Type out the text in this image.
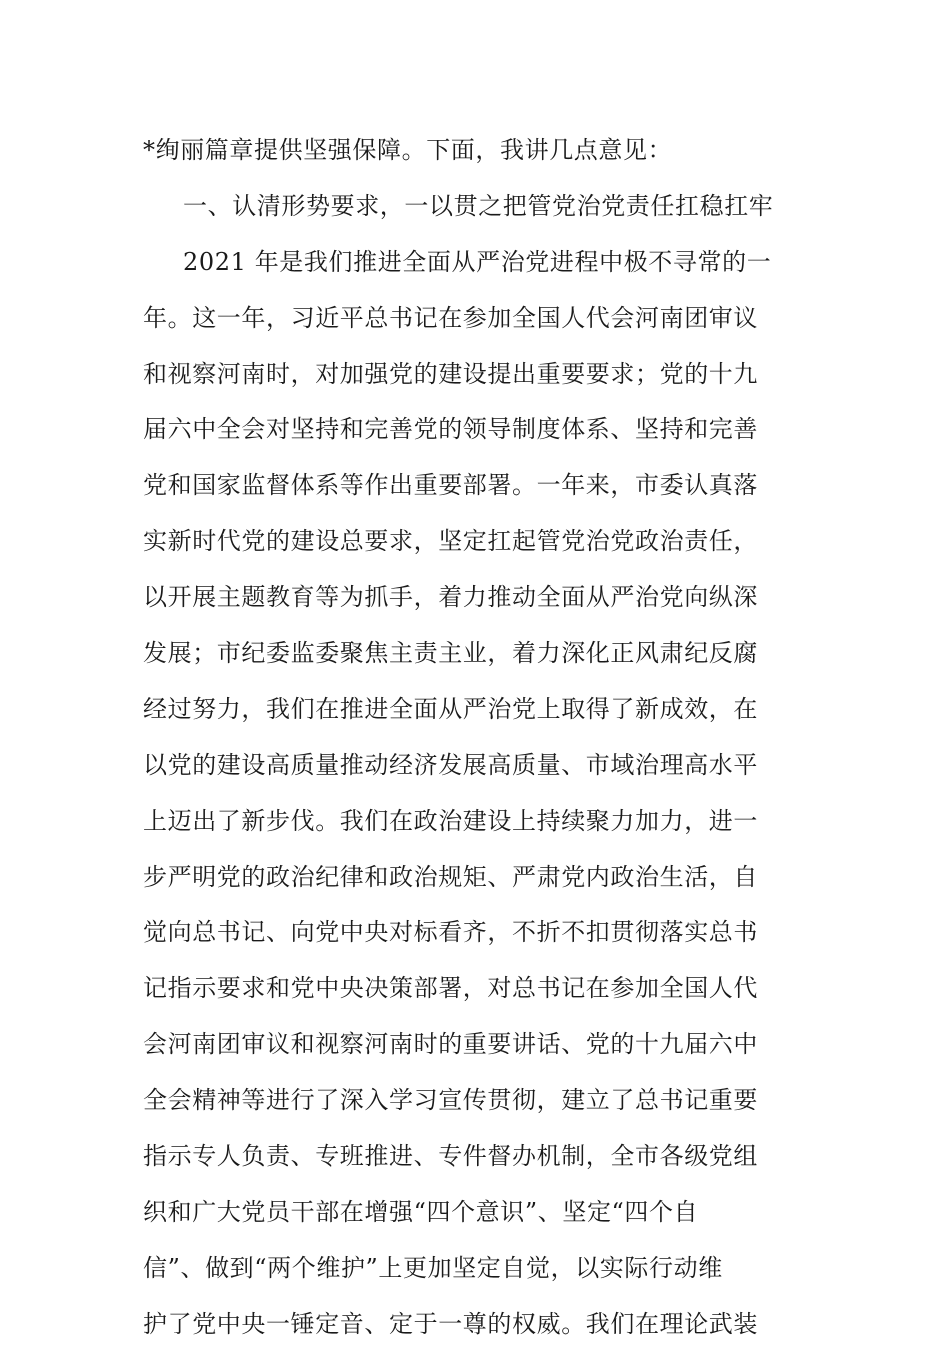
*绚丽篇章提供坚强保障。下面，我讲几点意见：
一、认清形势要求，一以贯之把管党治党责任扛稳扛牢
2021 年是我们推进全面从严治党进程中极不寻常的一
年。这一年，习近平总书记在参加全国人代会河南团审议
和视察河南时，对加强党的建设提出重要要求；党的十九
届六中全会对坚持和完善党的领导制度体系、坚持和完善
党和国家监督体系等作出重要部署。一年来，市委认真落
实新时代党的建设总要求，坚定扛起管党治党政治责任，
以开展主题教育等为抓手，着力推动全面从严治党向纵深
发展；市纪委监委聚焦主责主业，着力深化正风肃纪反腐
经过努力，我们在推进全面从严治党上取得了新成效，在
以党的建设高质量推动经济发展高质量、市域治理高水平
上迈出了新步伐。我们在政治建设上持续聚力加力，进一
步严明党的政治纪律和政治规矩、严肃党内政治生活，自
觉向总书记、向党中央对标看齐，不折不扣贯彻落实总书
记指示要求和党中央决策部署，对总书记在参加全国人代
会河南团审议和视察河南时的重要讲话、党的十九届六中
全会精神等进行了深入学习宣传贯彻，建立了总书记重要
指示专人负责、专班推进、专件督办机制，全市各级党组
织和广大党员干部在增强“四个意识”、坚定“四个自
信”、做到“两个维护”上更加坚定自觉，以实际行动维
护了党中央一锤定音、定于一尊的权威。我们在理论武装
